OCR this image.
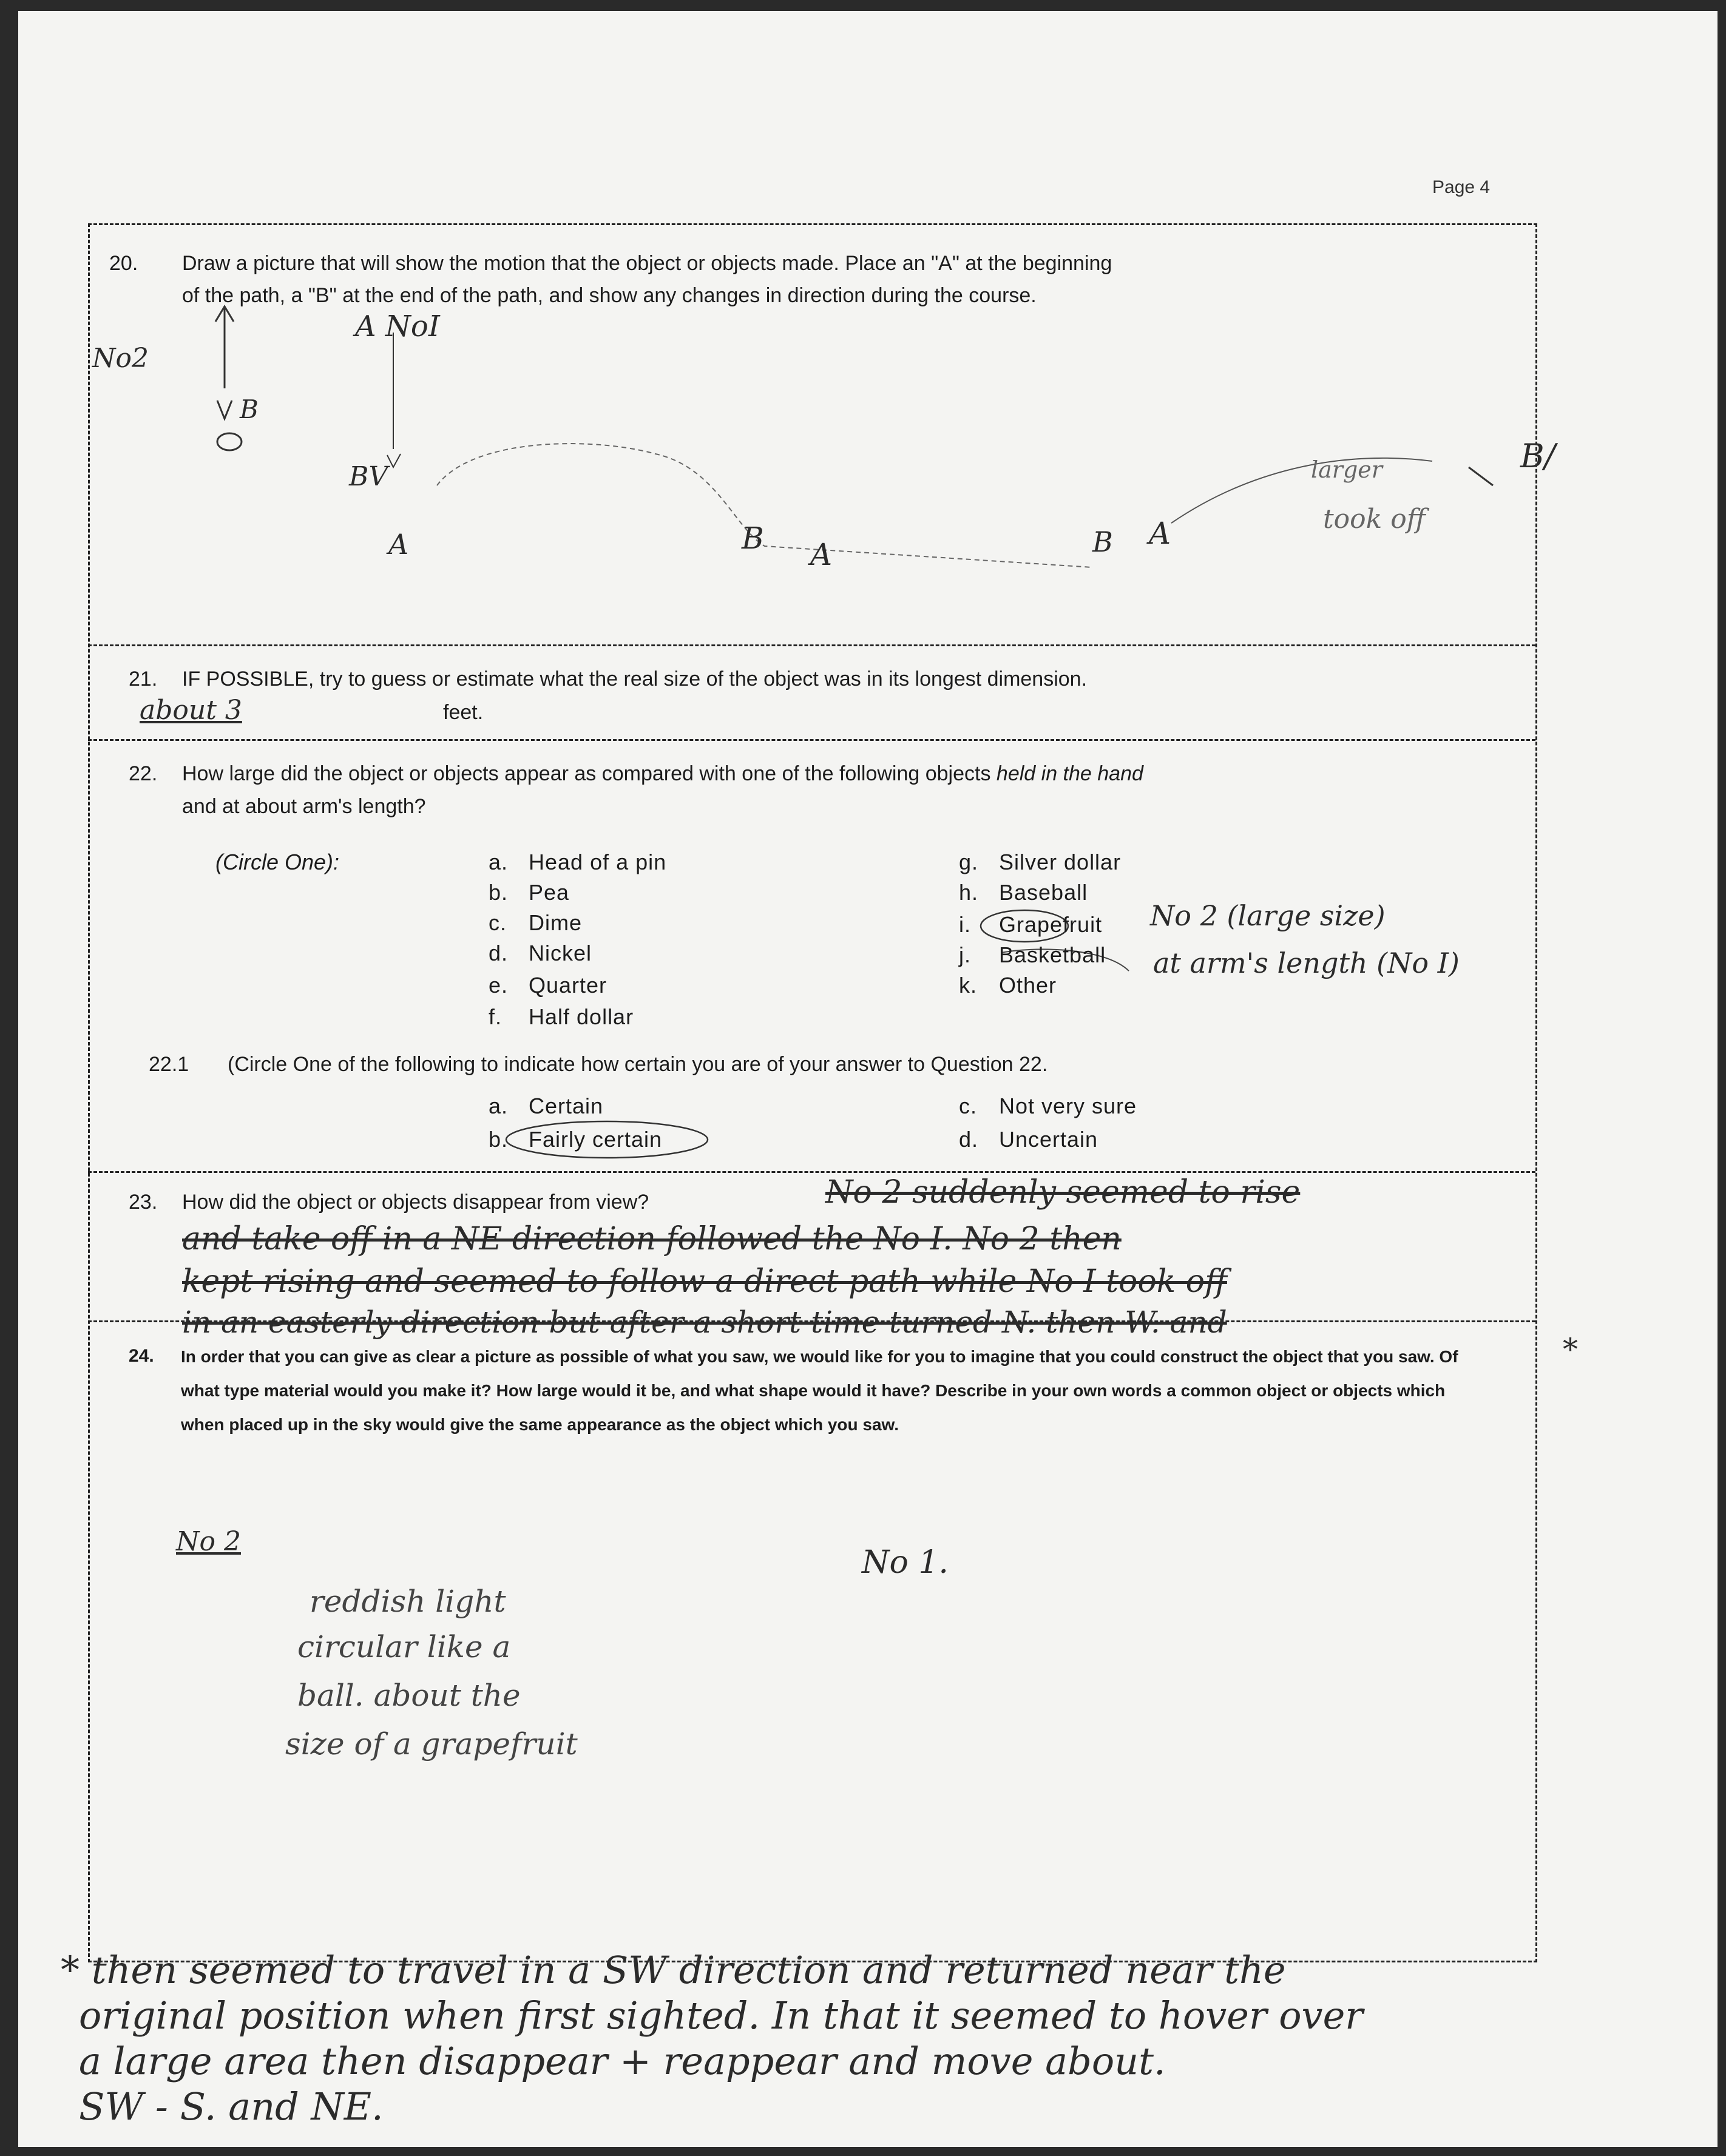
Page 4
20. Draw a picture that will show the motion that the object or objects made. Place an "A" at the beginning
of the path, a "B" at the end of the path, and show any changes in direction during the course.
No2
A NoI
B
BV
A	B A	B A
B/
larger
took off
21. IF POSSIBLE, try to guess or estimate what the real size of the object was in its longest dimension.
about 3	feet.
22. How large did the object or objects appear as compared with one of the following objects held in the hand
and at about arm's length?
(Circle One):	a. Head of a pin
b. Pea
c. Dime
d. Nickel
e. Quarter
f. Half dollar
g. Silver dollar
h. Baseball
i. Grapefruit
j. Basketball
k. Other
No 2 (large size)
at arm's length (No I)
22.1 (Circle One of the following to indicate how certain you are of your answer to Question 22.
a. Certain
b. Fairly certain
c. Not very sure
d. Uncertain
23. How did the object or objects disappear from view?	No 2 suddenly seemed to rise
and take off in a NE direction followed the No I. No 2 then
kept rising and seemed to follow a direct path while No I took off
in an easterly direction but after a short time turned N. then W. and
*
24. In order that you can give as clear a picture as possible of what you saw, we would like for you to imagine that you could construct the object that you saw. Of what type material would you make it? How large would it be, and what shape would it have? Describe in your own words a common object or objects which when placed up in the sky would give the same appearance as the object which you saw.
No 2
No 1.
reddish light
circular like a
ball. about the
size of a grapefruit
* then seemed to travel in a SW direction and returned near the
original position when first sighted. In that it seemed to hover over
a large area then disappear + reappear and move about.
SW - S. and NE.
